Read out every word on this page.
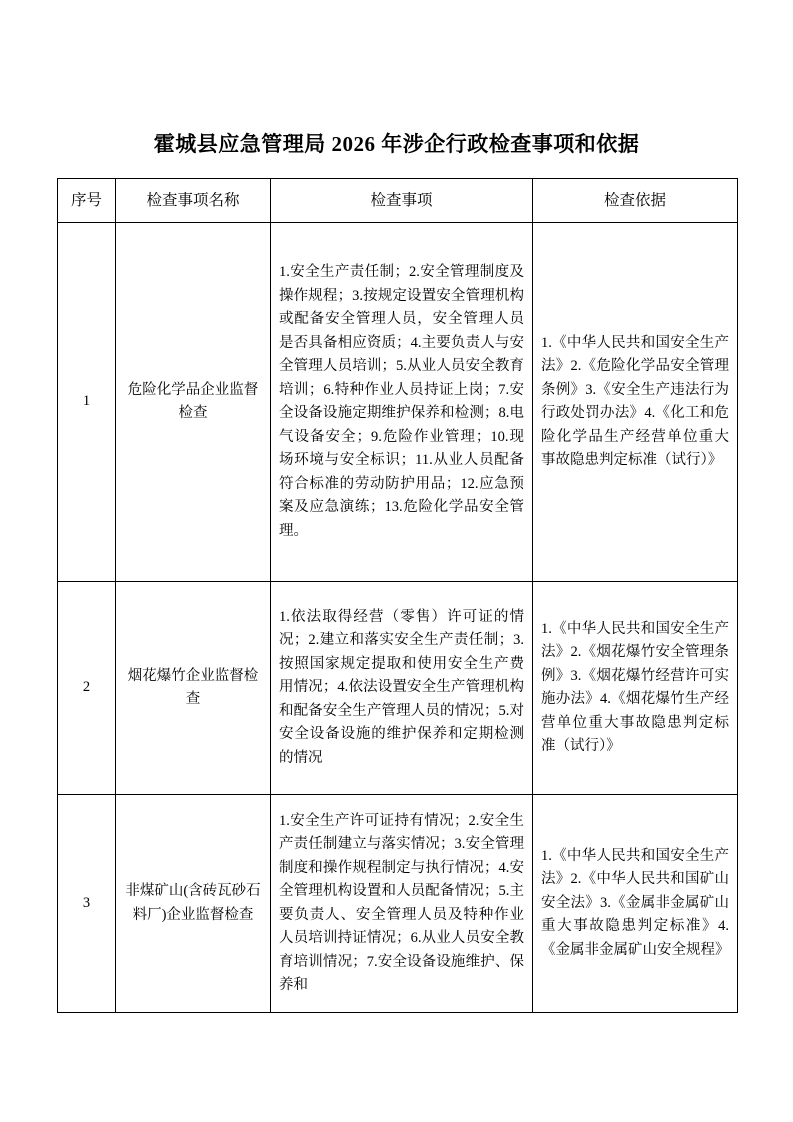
霍城县应急管理局 2026 年涉企行政检查事项和依据
序号	检查事项名称	检查事项	检查依据
1	危险化学品企业监督检查	1.安全生产责任制；2.安全管理制度及操作规程；3.按规定设置安全管理机构或配备安全管理人员，安全管理人员是否具备相应资质；4.主要负责人与安全管理人员培训；5.从业人员安全教育培训；6.特种作业人员持证上岗；7.安全设备设施定期维护保养和检测；8.电气设备安全；9.危险作业管理；10.现场环境与安全标识；11.从业人员配备符合标准的劳动防护用品；12.应急预案及应急演练；13.危险化学品安全管理。	1.《中华人民共和国安全生产法》2.《危险化学品安全管理条例》3.《安全生产违法行为行政处罚办法》4.《化工和危险化学品生产经营单位重大事故隐患判定标准（试行）》
2	烟花爆竹企业监督检查	1.依法取得经营（零售）许可证的情况；2.建立和落实安全生产责任制；3.按照国家规定提取和使用安全生产费用情况；4.依法设置安全生产管理机构和配备安全生产管理人员的情况；5.对安全设备设施的维护保养和定期检测的情况	1.《中华人民共和国安全生产法》2.《烟花爆竹安全管理条例》3.《烟花爆竹经营许可实施办法》4.《烟花爆竹生产经营单位重大事故隐患判定标准（试行）》
3	非煤矿山(含砖瓦砂石料厂)企业监督检查	1.安全生产许可证持有情况；2.安全生产责任制建立与落实情况；3.安全管理制度和操作规程制定与执行情况；4.安全管理机构设置和人员配备情况；5.主要负责人、安全管理人员及特种作业人员培训持证情况；6.从业人员安全教育培训情况；7.安全设备设施维护、保养和	1.《中华人民共和国安全生产法》2.《中华人民共和国矿山安全法》3.《金属非金属矿山重大事故隐患判定标准》4.《金属非金属矿山安全规程》
